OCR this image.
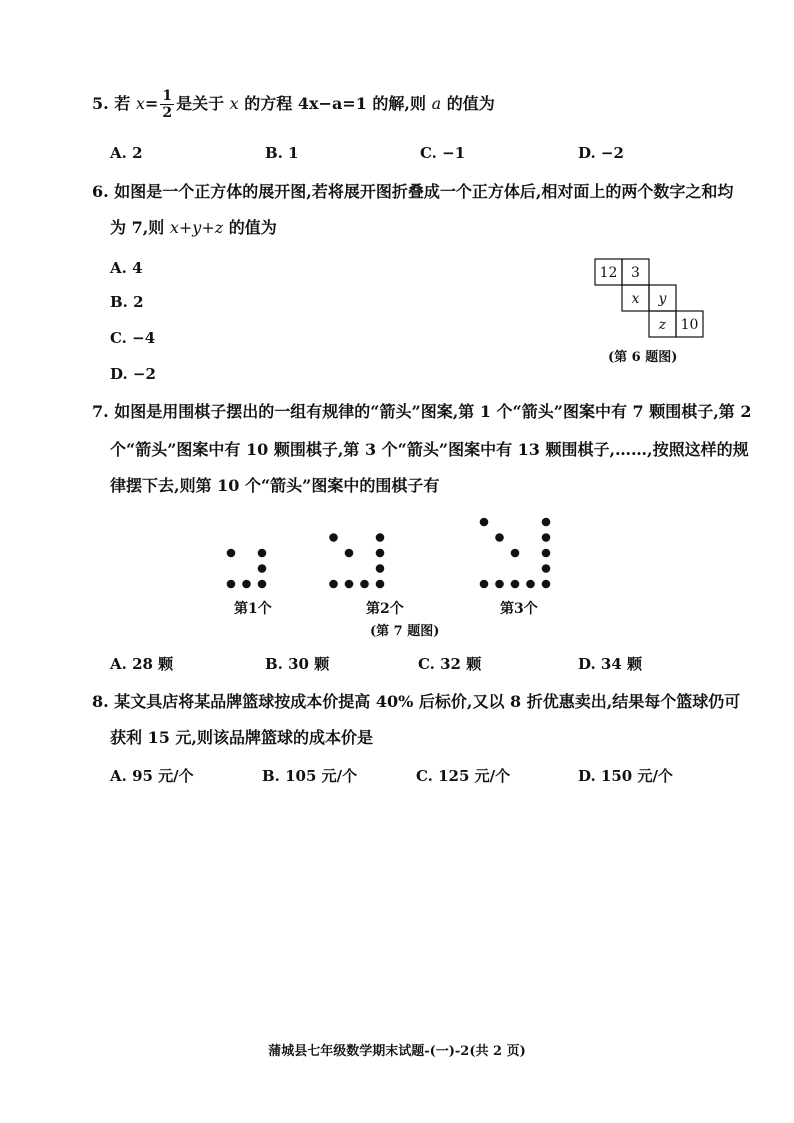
5. 若 $x= \frac{1}{2}$ 是关于 x 的方程 4x−a=1 的解,则 a 的值为
A. 2	B. 1	C. −1	D. −2
6. 如图是一个正方体的展开图,若将展开图折叠成一个正方体后,相对面上的两个数字之和均
为 7,则 x+y+z 的值为
A. 4
B. 2
C. −4
D. −2
12 3
x y
z 10
(第 6 题图)
7. 如图是用围棋子摆出的一组有规律的“箭头”图案,第 1 个“箭头”图案中有 7 颗围棋子,第 2
个“箭头”图案中有 10 颗围棋子,第 3 个“箭头”图案中有 13 颗围棋子,……,按照这样的规
律摆下去,则第 10 个“箭头”图案中的围棋子有
第1个	第2个	第3个
(第 7 题图)
A. 28 颗	B. 30 颗	C. 32 颗	D. 34 颗
8. 某文具店将某品牌篮球按成本价提高 40% 后标价,又以 8 折优惠卖出,结果每个篮球仍可
获利 15 元,则该品牌篮球的成本价是
A. 95 元/个	B. 105 元/个	C. 125 元/个	D. 150 元/个
蒲城县七年级数学期末试题-(一)-2(共 2 页)
